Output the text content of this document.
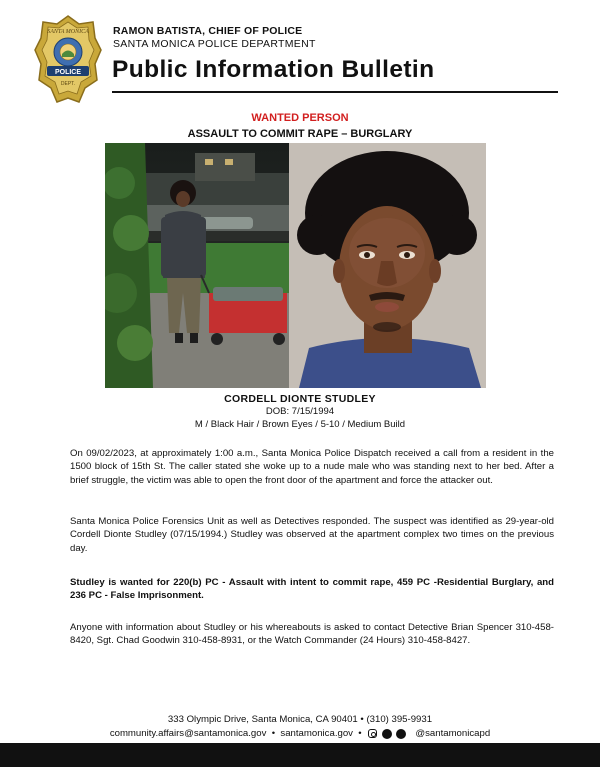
POLICE
SANTA MONICA
DEPT.
RAMON BATISTA, CHIEF OF POLICE
SANTA MONICA POLICE DEPARTMENT
Public Information Bulletin
WANTED PERSON
ASSAULT TO COMMIT RAPE – BURGLARY
CORDELL DIONTE STUDLEY
DOB: 7/15/1994
M / Black Hair / Brown Eyes / 5-10 / Medium Build

On 09/02/2023, at approximately 1:00 a.m., Santa Monica Police Dispatch received a call from a resident in the 1500 block of 15th St. The caller stated she woke up to a nude male who was standing next to her bed. After a brief struggle, the victim was able to open the front door of the apartment and force the attacker out.

Santa Monica Police Forensics Unit as well as Detectives responded. The suspect was identified as 29-year-old Cordell Dionte Studley (07/15/1994.) Studley was observed at the apartment complex two times on the previous day.

Studley is wanted for 220(b) PC - Assault with intent to commit rape, 459 PC -Residential Burglary, and 236 PC - False Imprisonment.

Anyone with information about Studley or his whereabouts is asked to contact Detective Brian Spencer 310-458-8420, Sgt. Chad Goodwin 310-458-8931, or the Watch Commander (24 Hours) 310-458-8427.

333 Olympic Drive, Santa Monica, CA 90401 • (310) 395-9931
community.affairs@santamonica.gov  •  santamonica.gov  •	@santamonicapd
